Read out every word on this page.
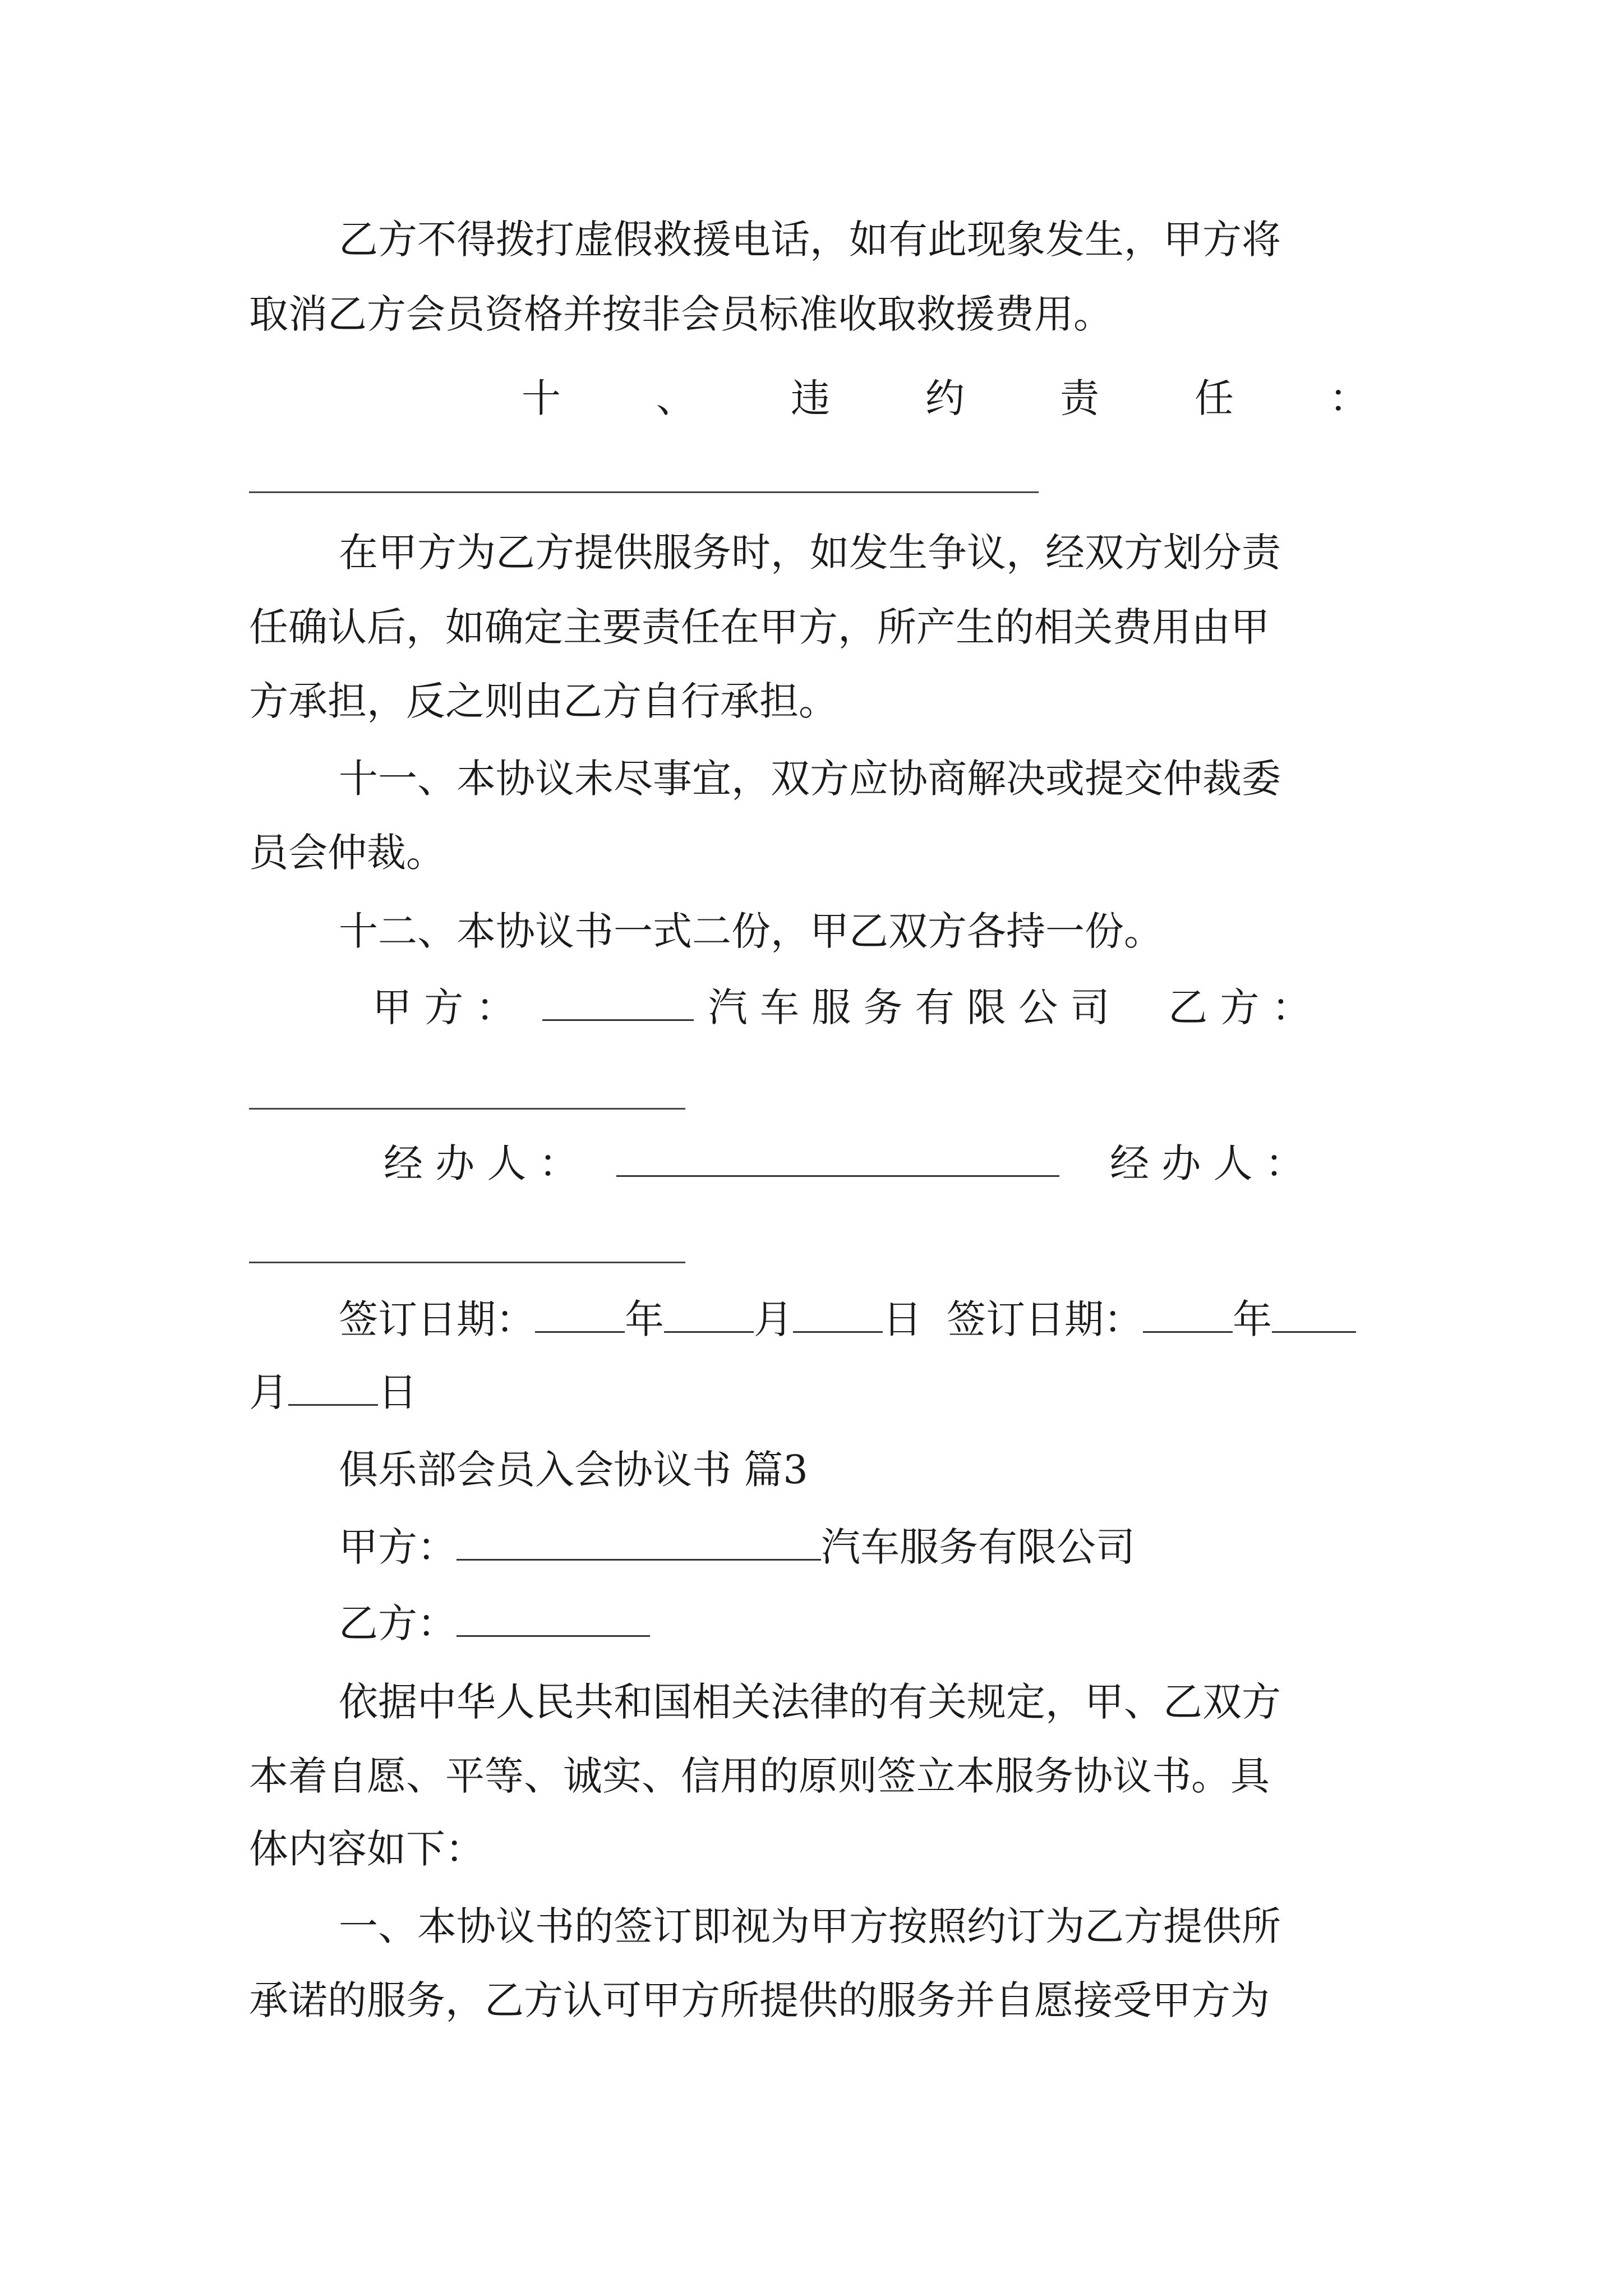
乙方不得拨打虚假救援电话，如有此现象发生，甲方将
取消乙方会员资格并按非会员标准收取救援费用。
十 、 违 约 责 任 ：
在甲方为乙方提供服务时，如发生争议，经双方划分责
任确认后，如确定主要责任在甲方，所产生的相关费用由甲
方承担，反之则由乙方自行承担。
十一、本协议未尽事宜，双方应协商解决或提交仲裁委
员会仲裁。
十二、本协议书一式二份，甲乙双方各持一份。
甲 方 ：	汽 车 服 务 有 限 公 司 乙 方 ：
经 办 人 ：	经 办 人 ：
签订日期： 年 月 日 签订日期： 年
月 日
俱乐部会员入会协议书 篇3
甲方：	汽车服务有限公司
乙方：
依据中华人民共和国相关法律的有关规定，甲、乙双方
本着自愿、平等、诚实、信用的原则签立本服务协议书。具
体内容如下：
一、本协议书的签订即视为甲方按照约订为乙方提供所
承诺的服务，乙方认可甲方所提供的服务并自愿接受甲方为
